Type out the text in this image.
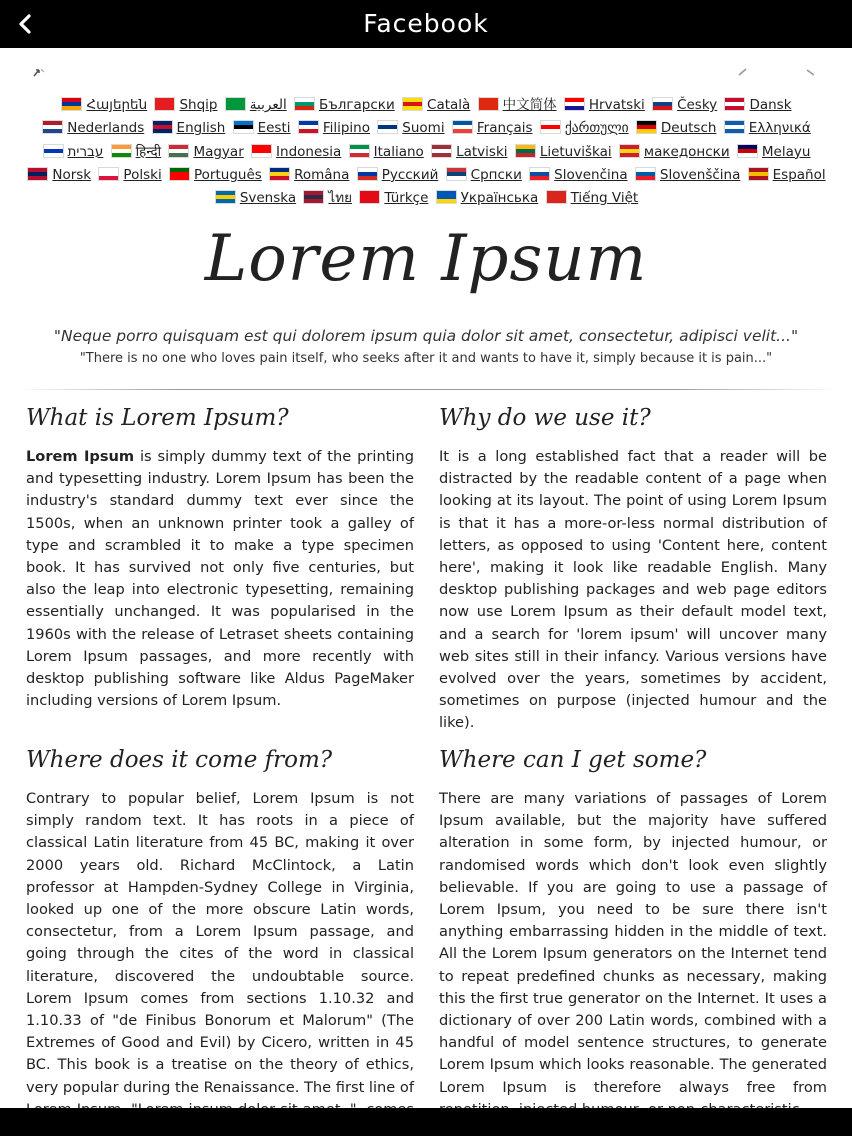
Facebook
Հայերեն Shqip العربية Български Català 中文简体 Hrvatski Česky Dansk Nederlands English Eesti Filipino Suomi Français ქართული Deutsch Ελληνικά עברית हिन्दी Magyar Indonesia Italiano Latviski Lietuviškai македонски Melayu Norsk Polski Português Româna Русский Српски Slovenčina Slovenščina Español Svenska ไทย Türkçe Українська Tiếng Việt
Lorem Ipsum
"Neque porro quisquam est qui dolorem ipsum quia dolor sit amet, consectetur, adipisci velit..."
"There is no one who loves pain itself, who seeks after it and wants to have it, simply because it is pain..."
What is Lorem Ipsum?

Lorem Ipsum is simply dummy text of the printing and typesetting industry. Lorem Ipsum has been the industry's standard dummy text ever since the 1500s, when an unknown printer took a galley of type and scrambled it to make a type specimen book. It has survived not only five centuries, but also the leap into electronic typesetting, remaining essentially unchanged. It was popularised in the 1960s with the release of Letraset sheets containing Lorem Ipsum passages, and more recently with desktop publishing software like Aldus PageMaker including versions of Lorem Ipsum.

Why do we use it?

It is a long established fact that a reader will be distracted by the readable content of a page when looking at its layout. The point of using Lorem Ipsum is that it has a more-or-less normal distribution of letters, as opposed to using 'Content here, content here', making it look like readable English. Many desktop publishing packages and web page editors now use Lorem Ipsum as their default model text, and a search for 'lorem ipsum' will uncover many web sites still in their infancy. Various versions have evolved over the years, sometimes by accident, sometimes on purpose (injected humour and the like).

Where does it come from?

Contrary to popular belief, Lorem Ipsum is not simply random text. It has roots in a piece of classical Latin literature from 45 BC, making it over 2000 years old. Richard McClintock, a Latin professor at Hampden-Sydney College in Virginia, looked up one of the more obscure Latin words, consectetur, from a Lorem Ipsum passage, and going through the cites of the word in classical literature, discovered the undoubtable source. Lorem Ipsum comes from sections 1.10.32 and 1.10.33 of "de Finibus Bonorum et Malorum" (The Extremes of Good and Evil) by Cicero, written in 45 BC. This book is a treatise on the theory of ethics, very popular during the Renaissance. The first line of

Where can I get some?

There are many variations of passages of Lorem Ipsum available, but the majority have suffered alteration in some form, by injected humour, or randomised words which don't look even slightly believable. If you are going to use a passage of Lorem Ipsum, you need to be sure there isn't anything embarrassing hidden in the middle of text. All the Lorem Ipsum generators on the Internet tend to repeat predefined chunks as necessary, making this the first true generator on the Internet. It uses a dictionary of over 200 Latin words, combined with a handful of model sentence structures, to generate Lorem Ipsum which looks reasonable. The generated Lorem Ipsum is therefore always free from
